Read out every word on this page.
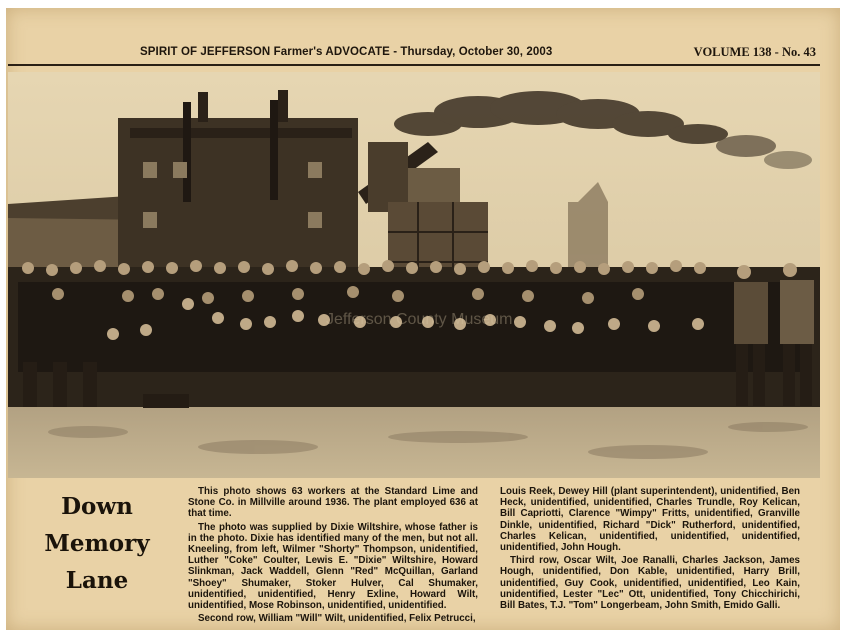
SPIRIT OF JEFFERSON Farmer's ADVOCATE - Thursday, October 30, 2003	VOLUME 138 - No. 43
Jefferson County Museum
Down
Memory
Lane

This photo shows 63 workers at the Standard Lime and Stone Co. in Millville around 1936. The plant employed 636 at that time.

The photo was supplied by Dixie Wiltshire, whose father is in the photo. Dixie has identified many of the men, but not all. Kneeling, from left, Wilmer "Shorty" Thompson, unidentified, Luther "Coke" Coulter, Lewis E. "Dixie" Wiltshire, Howard Slinkman, Jack Waddell, Glenn "Red" McQuillan, Garland "Shoey" Shumaker, Stoker Hulver, Cal Shumaker, unidentified, unidentified, Henry Exline, Howard Wilt, unidentified, Mose Robinson, unidentified, unidentified.

Second row, William "Will" Wilt, unidentified, Felix Petrucci,

Louis Reek, Dewey Hill (plant superintendent), unidentified, Ben Heck, unidentified, unidentified, Charles Trundle, Roy Kelican, Bill Capriotti, Clarence "Wimpy" Fritts, unidentified, Granville Dinkle, unidentified, Richard "Dick" Rutherford, unidentified, Charles Kelican, unidentified, unidentified, unidentified, unidentified, John Hough.

Third row, Oscar Wilt, Joe Ranalli, Charles Jackson, James Hough, unidentified, Don Kable, unidentified, Harry Brill, unidentified, Guy Cook, unidentified, unidentified, Leo Kain, unidentified, Lester "Lec" Ott, unidentified, Tony Chicchirichi, Bill Bates, T.J. "Tom" Longerbeam, John Smith, Emido Galli.
